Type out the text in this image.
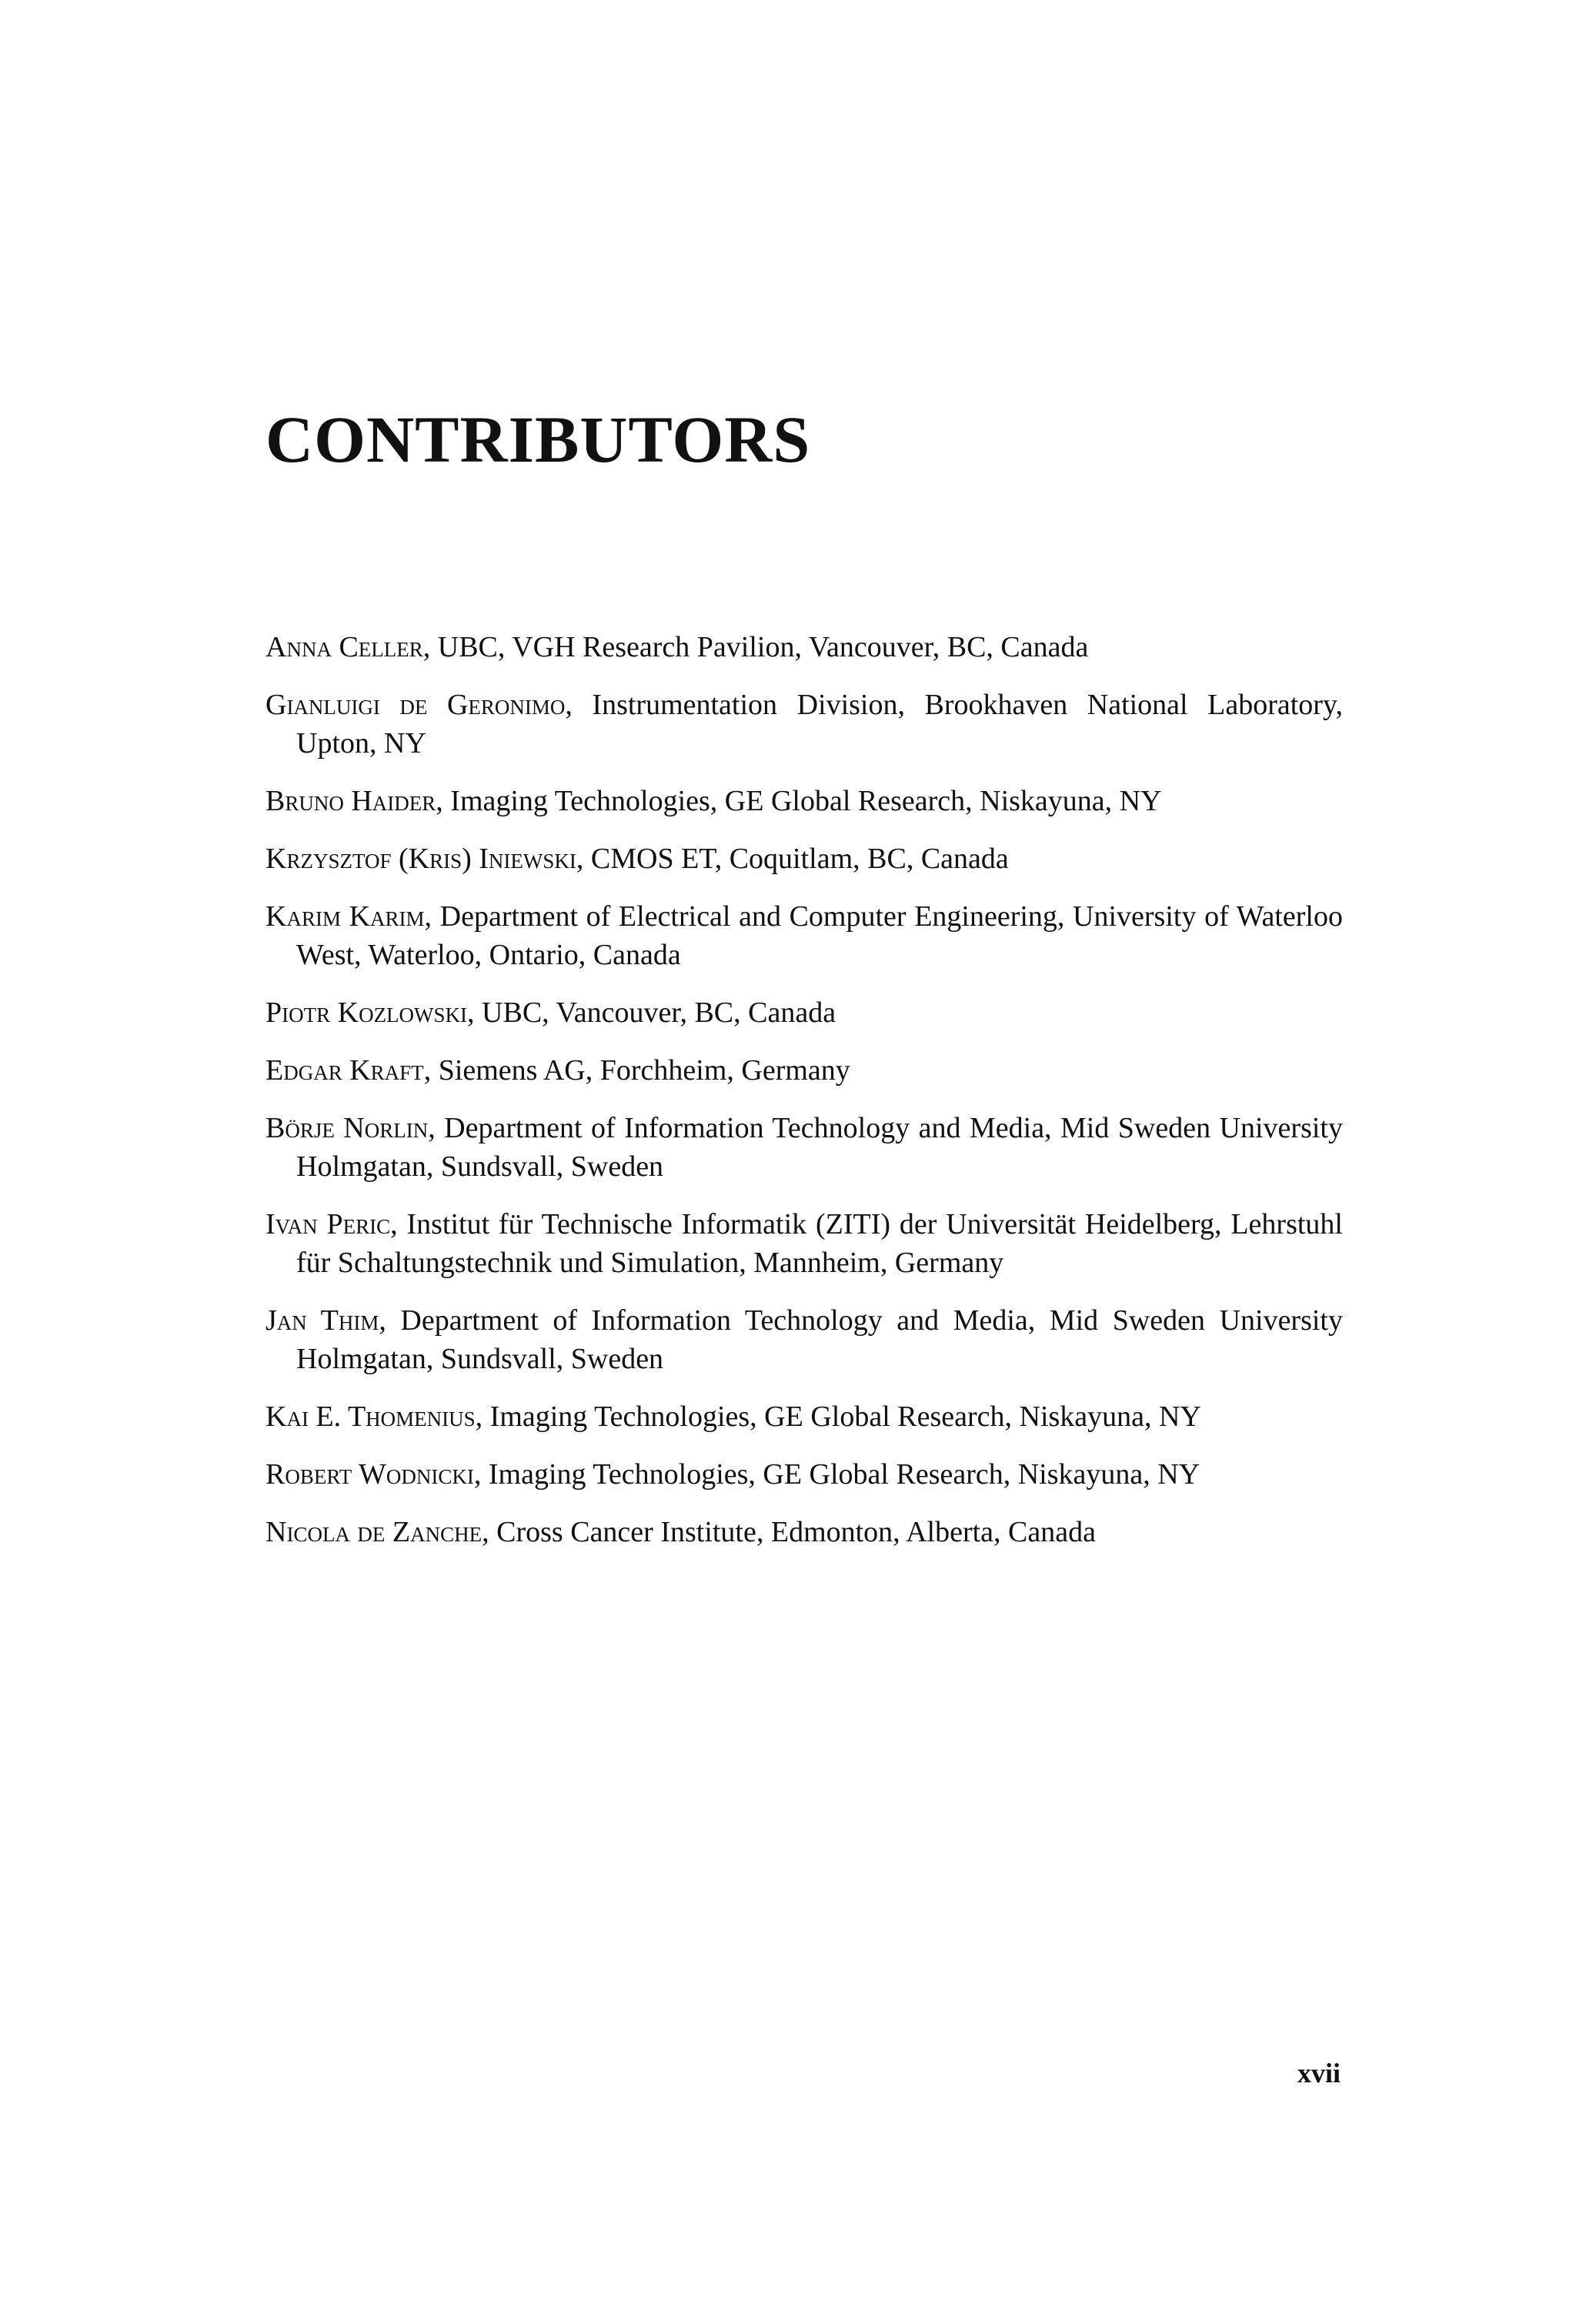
CONTRIBUTORS
Anna Celler, UBC, VGH Research Pavilion, Vancouver, BC, Canada
Gianluigi de Geronimo, Instrumentation Division, Brookhaven National Laboratory, Upton, NY
Bruno Haider, Imaging Technologies, GE Global Research, Niskayuna, NY
Krzysztof (Kris) Iniewski, CMOS ET, Coquitlam, BC, Canada
Karim Karim, Department of Electrical and Computer Engineering, University of Waterloo West, Waterloo, Ontario, Canada
Piotr Kozlowski, UBC, Vancouver, BC, Canada
Edgar Kraft, Siemens AG, Forchheim, Germany
Börje Norlin, Department of Information Technology and Media, Mid Sweden University Holmgatan, Sundsvall, Sweden
Ivan Peric, Institut für Technische Informatik (ZITI) der Universität Heidelberg, Lehrstuhl für Schaltungstechnik und Simulation, Mannheim, Germany
Jan Thim, Department of Information Technology and Media, Mid Sweden University Holmgatan, Sundsvall, Sweden
Kai E. Thomenius, Imaging Technologies, GE Global Research, Niskayuna, NY
Robert Wodnicki, Imaging Technologies, GE Global Research, Niskayuna, NY
Nicola de Zanche, Cross Cancer Institute, Edmonton, Alberta, Canada
xvii
